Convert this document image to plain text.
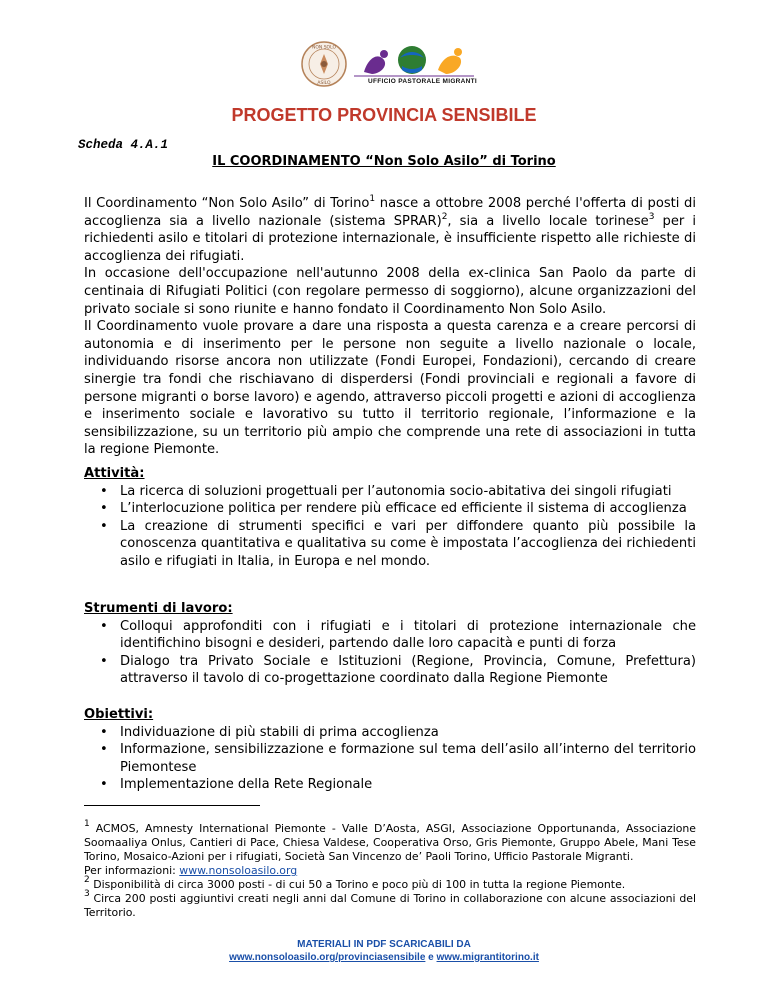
NON SOLO
ASILO	UFFICIO PASTORALE MIGRANTI
PROGETTO PROVINCIA SENSIBILE
Scheda 4.A.1
IL COORDINAMENTO “Non Solo Asilo” di Torino

Il Coordinamento “Non Solo Asilo” di Torino$^1$ nasce a ottobre 2008 perché l'offerta di posti di accoglienza sia a livello nazionale (sistema SPRAR)$^2$, sia a livello locale torinese$^3$ per i richiedenti asilo e titolari di protezione internazionale, è insufficiente rispetto alle richieste di accoglienza dei rifugiati.

In occasione dell'occupazione nell'autunno 2008 della ex-clinica San Paolo da parte di centinaia di Rifugiati Politici (con regolare permesso di soggiorno), alcune organizzazioni del privato sociale si sono riunite e hanno fondato il Coordinamento Non Solo Asilo.

Il Coordinamento vuole provare a dare una risposta a questa carenza e a creare percorsi di autonomia e di inserimento per le persone non seguite a livello nazionale o locale, individuando risorse ancora non utilizzate (Fondi Europei, Fondazioni), cercando di creare sinergie tra fondi che rischiavano di disperdersi (Fondi provinciali e regionali a favore di persone migranti o borse lavoro) e agendo, attraverso piccoli progetti e azioni di accoglienza e inserimento sociale e lavorativo su tutto il territorio regionale, l’informazione e la sensibilizzazione, su un territorio più ampio che comprende una rete di associazioni in tutta la regione Piemonte.

Attività:

• La ricerca di soluzioni progettuali per l’autonomia socio-abitativa dei singoli rifugiati
• L’interlocuzione politica per rendere più efficace ed efficiente il sistema di accoglienza
• La creazione di strumenti specifici e vari per diffondere quanto più possibile la conoscenza quantitativa e qualitativa su come è impostata l’accoglienza dei richiedenti asilo e rifugiati in Italia, in Europa e nel mondo.

Strumenti di lavoro:

• Colloqui approfonditi con i rifugiati e i titolari di protezione internazionale che identifichino bisogni e desideri, partendo dalle loro capacità e punti di forza
• Dialogo tra Privato Sociale e Istituzioni (Regione, Provincia, Comune, Prefettura) attraverso il tavolo di co-progettazione coordinato dalla Regione Piemonte

Obiettivi:

• Individuazione di più stabili di prima accoglienza
• Informazione, sensibilizzazione e formazione sul tema dell’asilo all’interno del territorio Piemontese
• Implementazione della Rete Regionale

$^1$ ACMOS, Amnesty International Piemonte - Valle D’Aosta, ASGI, Associazione Opportunanda, Associazione Soomaaliya Onlus, Cantieri di Pace, Chiesa Valdese, Cooperativa Orso, Gris Piemonte, Gruppo Abele, Mani Tese Torino, Mosaico-Azioni per i rifugiati, Società San Vincenzo de’ Paoli Torino, Ufficio Pastorale Migranti.
Per informazioni: www.nonsoloasilo.org

$^2$ Disponibilità di circa 3000 posti - di cui 50 a Torino e poco più di 100 in tutta la regione Piemonte.

$^3$ Circa 200 posti aggiuntivi creati negli anni dal Comune di Torino in collaborazione con alcune associazioni del Territorio.

MATERIALI IN PDF SCARICABILI DA
www.nonsoloasilo.org/provinciasensibile e www.migrantitorino.it
